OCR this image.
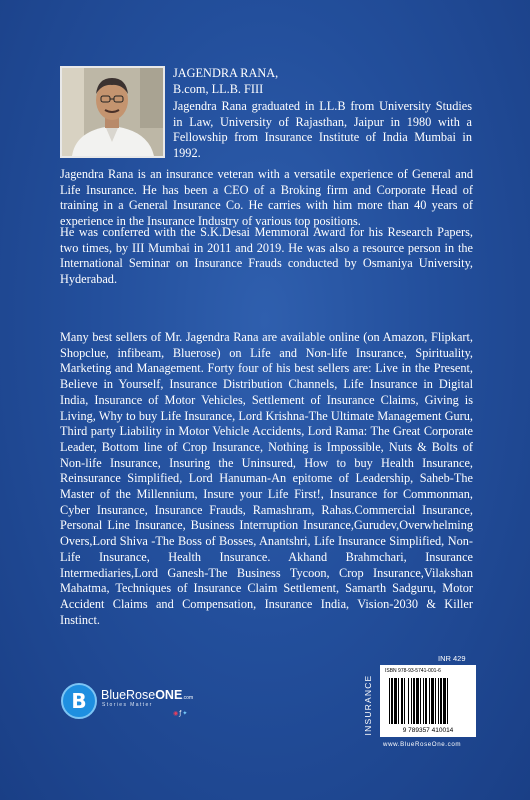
JAGENDRA RANA,
B.com, LL.B. FIII
Jagendra Rana graduated in LL.B from University Studies in Law, University of Rajasthan, Jaipur in 1980 with a Fellowship from Insurance Institute of India Mumbai in 1992.
Jagendra Rana is an insurance veteran with a versatile experience of General and Life Insurance. He has been a CEO of a Broking firm and Corporate Head of training in a General Insurance Co. He carries with him more than 40 years of experience in the Insurance Industry of various top positions.
He was conferred with the S.K.Desai Memmoral Award for his Research Papers, two times, by III Mumbai in 2011 and 2019. He was also a resource person in the International Seminar on Insurance Frauds conducted by Osmaniya University, Hyderabad.
Many best sellers of Mr. Jagendra Rana are available online (on Amazon, Flipkart, Shopclue, infibeam, Bluerose) on Life and Non-life Insurance, Spirituality, Marketing and Management. Forty four of his best sellers are: Live in the Present, Believe in Yourself, Insurance Distribution Channels, Life Insurance in Digital India, Insurance of Motor Vehicles, Settlement of Insurance Claims, Giving is Living, Why to buy Life Insurance, Lord Krishna-The Ultimate Management Guru, Third party Liability in Motor Vehicle Accidents, Lord Rama: The Great Corporate Leader, Bottom line of Crop Insurance, Nothing is Impossible, Nuts & Bolts of Non-life Insurance, Insuring the Uninsured, How to buy Health Insurance, Reinsurance Simplified, Lord Hanuman-An epitome of Leadership, Saheb-The Master of the Millennium, Insure your Life First!, Insurance for Commonman, Cyber Insurance, Insurance Frauds, Ramashram, Rahas.Commercial Insurance, Personal Line Insurance, Business Interruption Insurance,Gurudev,Overwhelming Overs,Lord Shiva -The Boss of Bosses, Anantshri, Life Insurance Simplified, Non-Life Insurance, Health Insurance. Akhand Brahmchari, Insurance Intermediaries,Lord Ganesh-The Business Tycoon, Crop Insurance,Vilakshan Mahatma, Techniques of Insurance Claim Settlement, Samarth Sadguru, Motor Accident Claims and Compensation, Insurance India, Vision-2030 & Killer Instinct.
B	BlueRoseONE.com
Stories Matter
◉ƒ✦	INSURANCE
INR 429
ISBN 978-93-5741-001-6
9 789357 410014
www.BlueRoseOne.com
